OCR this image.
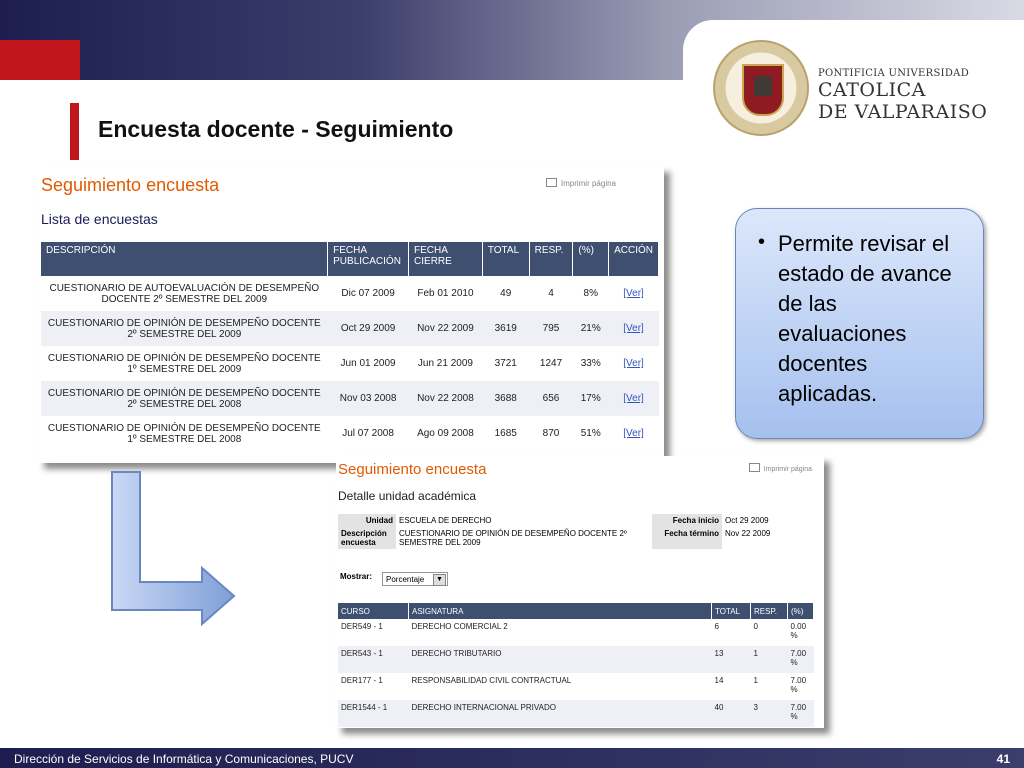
PONTIFICIA UNIVERSIDAD
CATOLICA
DE VALPARAISO
Encuesta docente - Seguimiento
Seguimiento encuesta	Imprimir página
Lista de encuestas
DESCRIPCIÓN	FECHA PUBLICACIÓN	FECHA CIERRE	TOTAL	RESP.	(%)	ACCIÓN
CUESTIONARIO DE AUTOEVALUACIÓN DE DESEMPEÑO DOCENTE 2º SEMESTRE DEL 2009	Dic 07 2009	Feb 01 2010	49	4	8%	[Ver]
CUESTIONARIO DE OPINIÓN DE DESEMPEÑO DOCENTE 2º SEMESTRE DEL 2009	Oct 29 2009	Nov 22 2009	3619	795	21%	[Ver]
CUESTIONARIO DE OPINIÓN DE DESEMPEÑO DOCENTE 1º SEMESTRE DEL 2009	Jun 01 2009	Jun 21 2009	3721	1247	33%	[Ver]
CUESTIONARIO DE OPINIÓN DE DESEMPEÑO DOCENTE 2º SEMESTRE DEL 2008	Nov 03 2008	Nov 22 2008	3688	656	17%	[Ver]
CUESTIONARIO DE OPINIÓN DE DESEMPEÑO DOCENTE 1º SEMESTRE DEL 2008	Jul 07 2008	Ago 09 2008	1685	870	51%	[Ver]
• Permite revisar el estado de avance de las evaluaciones docentes aplicadas.
Seguimiento encuesta	Imprimir página
Detalle unidad académica
Unidad	ESCUELA DE DERECHO	Fecha inicio	Oct 29 2009
Descripción encuesta	CUESTIONARIO DE OPINIÓN DE DESEMPEÑO DOCENTE 2º SEMESTRE DEL 2009	Fecha término	Nov 22 2009
Mostrar:	Porcentaje	▼
CURSO	ASIGNATURA	TOTAL	RESP.	(%)
DER549 - 1	DERECHO COMERCIAL 2	6	0	0.00 %
DER543 - 1	DERECHO TRIBUTARIO	13	1	7.00 %
DER177 - 1	RESPONSABILIDAD CIVIL CONTRACTUAL	14	1	7.00 %
DER1544 - 1	DERECHO INTERNACIONAL PRIVADO	40	3	7.00 %
Dirección de Servicios de Informática y Comunicaciones, PUCV	41
